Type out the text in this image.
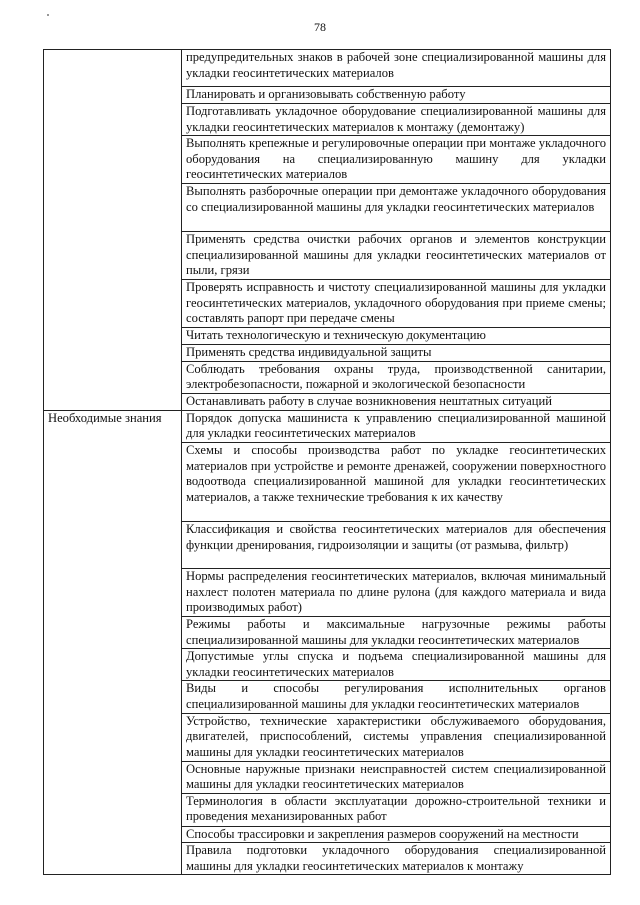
78
	предупредительных знаков в рабочей зоне специализированной машины для укладки геосинтетических материалов
	Планировать и организовывать собственную работу
	Подготавливать укладочное оборудование специализированной машины для укладки геосинтетических материалов к монтажу (демонтажу)
	Выполнять крепежные и регулировочные операции при монтаже укладочного оборудования на специализированную машину для укладки геосинтетических материалов
	Выполнять разборочные операции при демонтаже укладочного оборудования со специализированной машины для укладки геосинтетических материалов
	Применять средства очистки рабочих органов и элементов конструкции специализированной машины для укладки геосинтетических материалов от пыли, грязи
	Проверять исправность и чистоту специализированной машины для укладки геосинтетических материалов, укладочного оборудования при приеме смены; составлять рапорт при передаче смены
	Читать технологическую и техническую документацию
	Применять средства индивидуальной защиты
	Соблюдать требования охраны труда, производственной санитарии, электробезопасности, пожарной и экологической безопасности
	Останавливать работу в случае возникновения нештатных ситуаций
Необходимые знания	Порядок допуска машиниста к управлению специализированной машиной для укладки геосинтетических материалов
	Схемы и способы производства работ по укладке геосинтетических материалов при устройстве и ремонте дренажей, сооружении поверхностного водоотвода специализированной машиной для укладки геосинтетических материалов, а также технические требования к их качеству
	Классификация и свойства геосинтетических материалов для обеспечения функции дренирования, гидроизоляции и защиты (от размыва, фильтр)
	Нормы распределения геосинтетических материалов, включая минимальный нахлест полотен материала по длине рулона (для каждого материала и вида производимых работ)
	Режимы работы и максимальные нагрузочные режимы работы специализированной машины для укладки геосинтетических материалов
	Допустимые углы спуска и подъема специализированной машины для укладки геосинтетических материалов
	Виды и способы регулирования исполнительных органов специализированной машины для укладки геосинтетических материалов
	Устройство, технические характеристики обслуживаемого оборудования, двигателей, приспособлений, системы управления специализированной машины для укладки геосинтетических материалов
	Основные наружные признаки неисправностей систем специализированной машины для укладки геосинтетических материалов
	Терминология в области эксплуатации дорожно-строительной техники и проведения механизированных работ
	Способы трассировки и закрепления размеров сооружений на местности
	Правила подготовки укладочного оборудования специализированной машины для укладки геосинтетических материалов к монтажу
